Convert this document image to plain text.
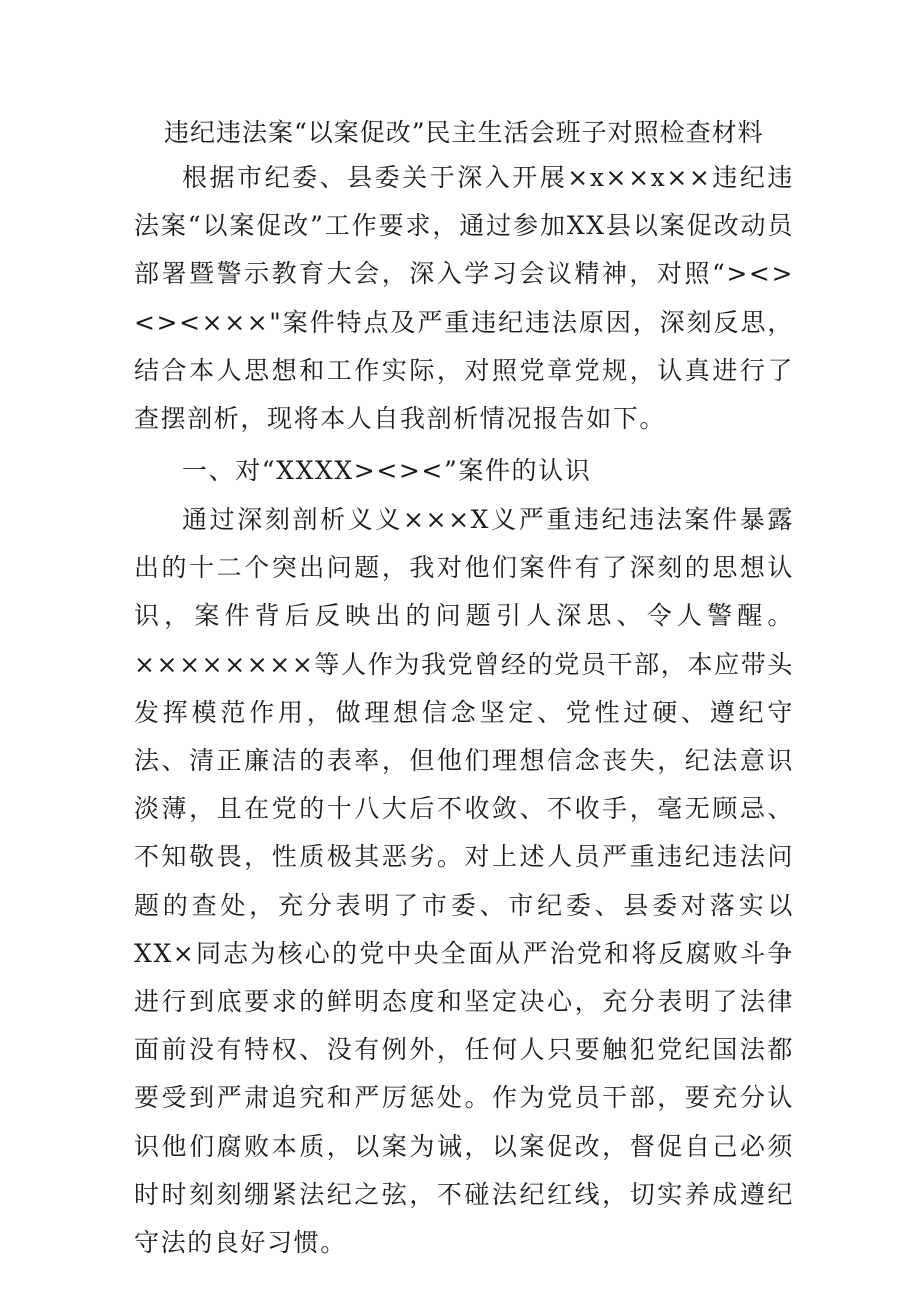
违纪违法案“以案促改”民主生活会班子对照检查材料

根据市纪委、县委关于深入开展×x××x××违纪违法案“以案促改”工作要求，通过参加XX县以案促改动员部署暨警示教育大会，深入学习会议精神，对照“><><><×××"案件特点及严重违纪违法原因，深刻反思，结合本人思想和工作实际，对照党章党规，认真进行了查摆剖析，现将本人自我剖析情况报告如下。

一、对“XXXX><><”案件的认识

通过深刻剖析义义×××X义严重违纪违法案件暴露出的十二个突出问题，我对他们案件有了深刻的思想认识，案件背后反映出的问题引人深思、令人警醒。××××××××等人作为我党曾经的党员干部，本应带头发挥模范作用，做理想信念坚定、党性过硬、遵纪守法、清正廉洁的表率，但他们理想信念丧失，纪法意识淡薄，且在党的十八大后不收敛、不收手，毫无顾忌、不知敬畏，性质极其恶劣。对上述人员严重违纪违法问题的查处，充分表明了市委、市纪委、县委对落实以XX×同志为核心的党中央全面从严治党和将反腐败斗争进行到底要求的鲜明态度和坚定决心，充分表明了法律面前没有特权、没有例外，任何人只要触犯党纪国法都要受到严肃追究和严厉惩处。作为党员干部，要充分认识他们腐败本质，以案为诫，以案促改，督促自己必须时时刻刻绷紧法纪之弦，不碰法纪红线，切实养成遵纪守法的良好习惯。
